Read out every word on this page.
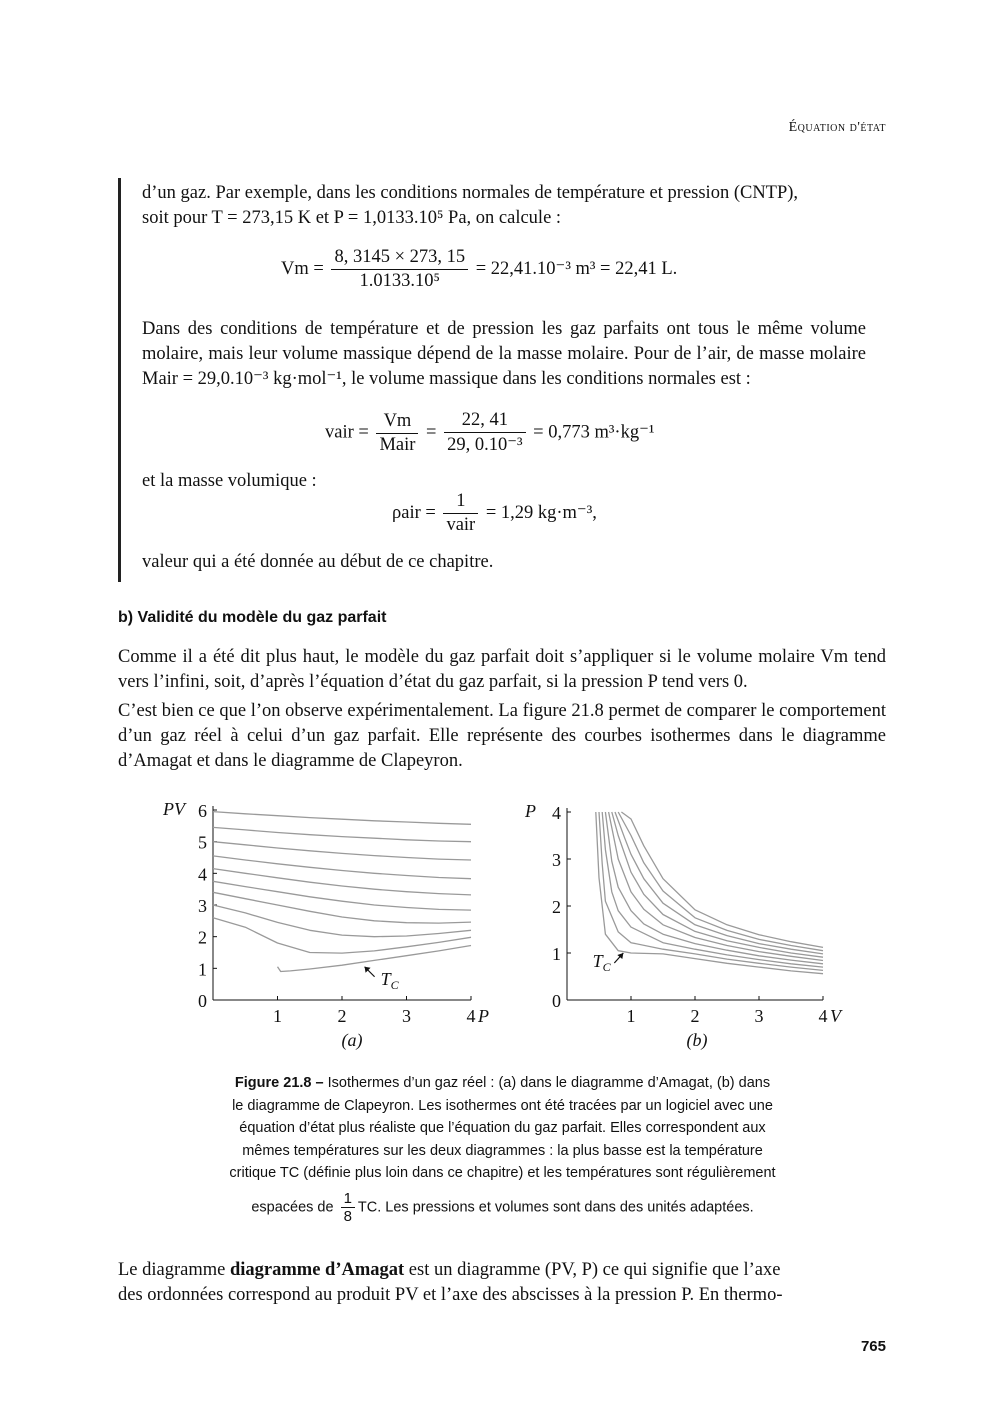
Équation d'état
d’un gaz. Par exemple, dans les conditions normales de température et pression (CNTP),
soit pour T = 273,15 K et P = 1,0133.10⁵ Pa, on calcule :
$Vm = \frac{8, 3145 \times 273, 15}{\text{1.0133.10⁵}} = 22,41.10^{-3}$ m³ = 22,41 L.
Dans des conditions de température et de pression les gaz parfaits ont tous le même volume molaire, mais leur volume massique dépend de la masse molaire. Pour de l’air, de masse molaire Mair = 29,0.10⁻³ kg·mol⁻¹, le volume massique dans les conditions normales est :
vair = $\frac{Vm}{\text{Mair}} = \frac{22, 41}{\text{29, 0.10⁻³}} = 0,773$ m³·kg⁻¹
et la masse volumique :
$\rho air = \frac{1}{\text{vair}} = 1,29$ kg·m⁻³,
valeur qui a été donnée au début de ce chapitre.
b) Validité du modèle du gaz parfait
Comme il a été dit plus haut, le modèle du gaz parfait doit s’appliquer si le volume molaire Vm tend vers l’infini, soit, d’après l’équation d’état du gaz parfait, si la pression P tend vers 0.
C’est bien ce que l’on observe expérimentalement. La figure 21.8 permet de comparer le comportement d’un gaz réel à celui d’un gaz parfait. Elle représente des courbes isothermes dans le diagramme d’Amagat et dans le diagramme de Clapeyron.
0
1
2
3
4
5
6
1	2	3	4
PV
P
(a)
$T_C$
0
1
2
3
4
1	2	3	4
P
V
(b)
$T_C$
Figure 21.8 – Isothermes d’un gaz réel : (a) dans le diagramme d’Amagat, (b) dans
le diagramme de Clapeyron. Les isothermes ont été tracées par un logiciel avec une
équation d’état plus réaliste que l’équation du gaz parfait. Elles correspondent aux
mêmes températures sur les deux diagrammes : la plus basse est la température
critique TC (définie plus loin dans ce chapitre) et les températures sont régulièrement
espacées de $\frac{1}{8}$ TC. Les pressions et volumes sont dans des unités adaptées.
Le diagramme diagramme d’Amagat est un diagramme (PV, P) ce qui signifie que l’axe
des ordonnées correspond au produit PV et l’axe des abscisses à la pression P. En thermo-
765
